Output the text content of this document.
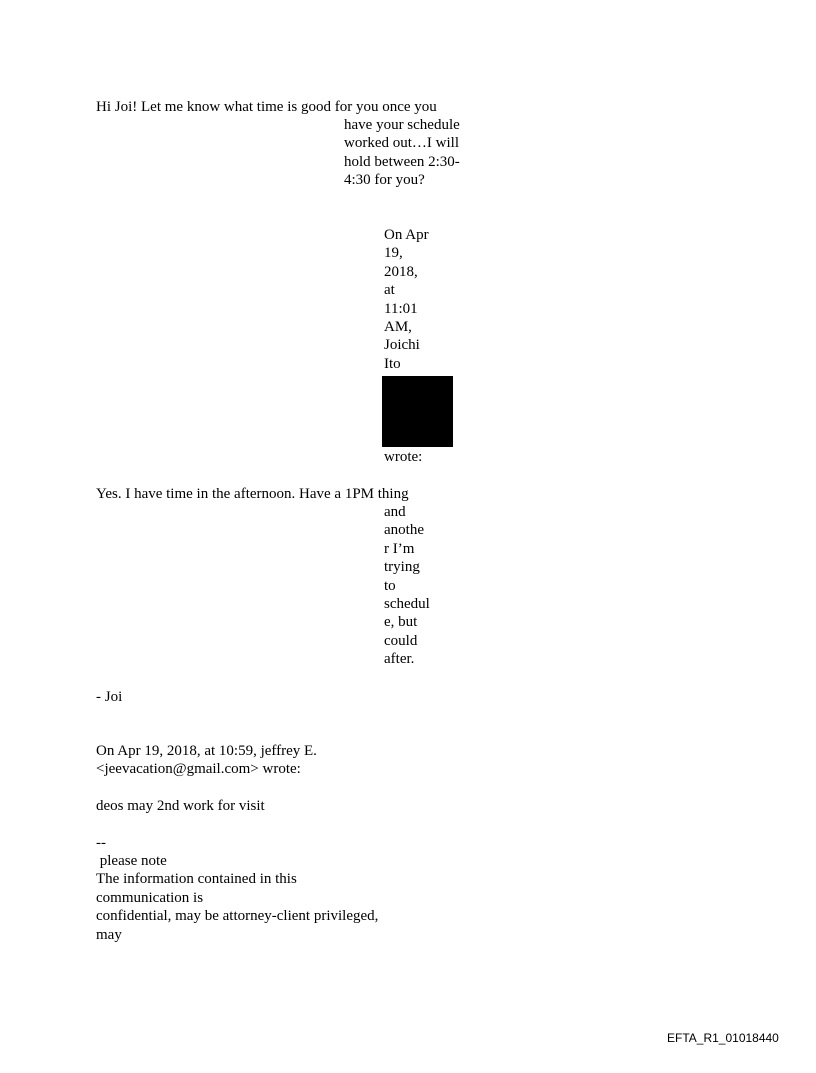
Hi Joi! Let me know what time is good for you once you
have your schedule
worked out…I will
hold between 2:30-
4:30 for you?
On Apr
19,
2018,
at
11:01
AM,
Joichi
Ito
wrote:
Yes. I have time in the afternoon. Have a 1PM thing
and
anothe
r I’m
trying
to
schedul
e, but
could
after.
- Joi
On Apr 19, 2018, at 10:59, jeffrey E.
<jeevacation@gmail.com> wrote:
deos may 2nd work for visit
--
please note
The information contained in this
communication is
confidential, may be attorney-client privileged,
may
EFTA_R1_01018440
